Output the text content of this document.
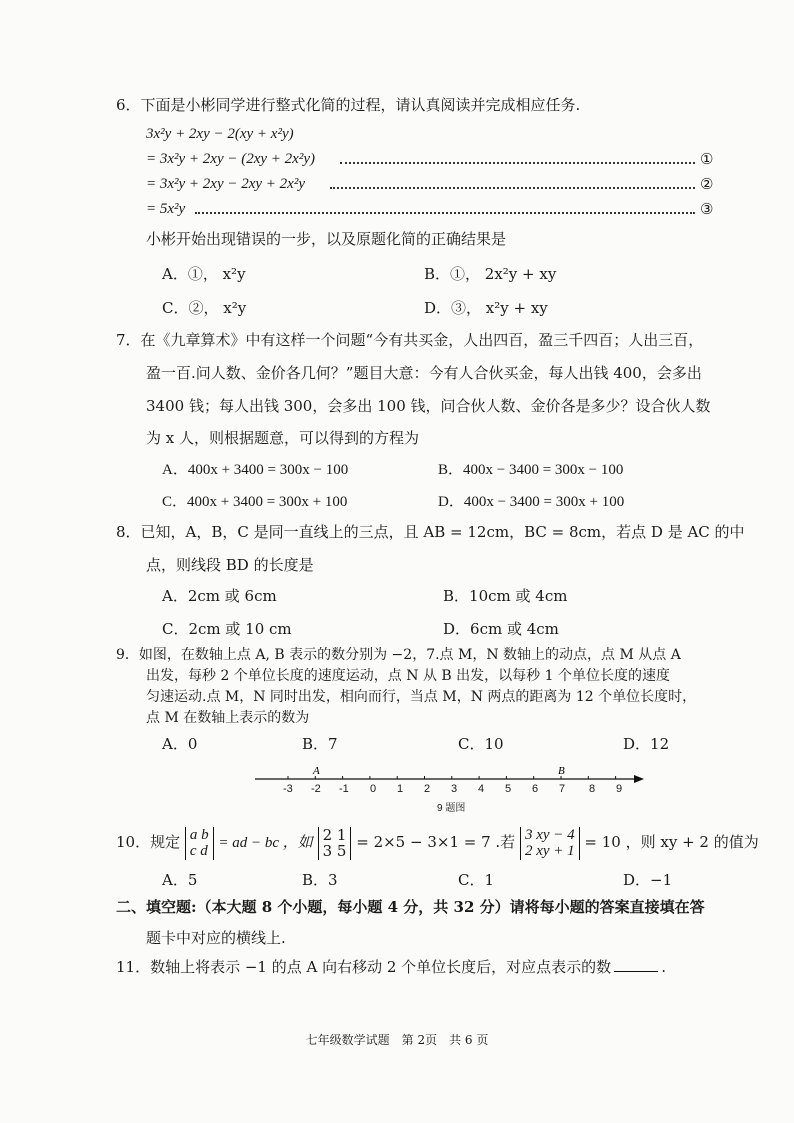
6．下面是小彬同学进行整式化简的过程，请认真阅读并完成相应任务.
3x²y + 2xy − 2(xy + x²y)
= 3x²y + 2xy − (2xy + 2x²y)	①
= 3x²y + 2xy − 2xy + 2x²y	②
= 5x²y	③
小彬开始出现错误的一步，以及原题化简的正确结果是
A．①， x²y	B．①， 2x²y + xy
C．②， x²y	D．③， x²y + xy
7．在《九章算术》中有这样一个问题“今有共买金，人出四百，盈三千四百；人出三百，
盈一百.问人数、金价各几何？”题目大意：今有人合伙买金，每人出钱 400，会多出
3400 钱；每人出钱 300，会多出 100 钱，问合伙人数、金价各是多少？设合伙人数
为 x 人，则根据题意，可以得到的方程为
A．400x + 3400 = 300x − 100	B．400x − 3400 = 300x − 100
C．400x + 3400 = 300x + 100	D．400x − 3400 = 300x + 100
8．已知，A，B，C 是同一直线上的三点，且 AB = 12cm，BC = 8cm，若点 D 是 AC 的中
点，则线段 BD 的长度是
A．2cm 或 6cm	B．10cm 或 4cm
C．2cm 或 10 cm	D．6cm 或 4cm
9．如图，在数轴上点 A, B 表示的数分别为 −2，7.点 M，N 数轴上的动点，点 M 从点 A
出发，每秒 2 个单位长度的速度运动，点 N 从 B 出发，以每秒 1 个单位长度的速度
匀速运动.点 M，N 同时出发，相向而行，当点 M，N 两点的距离为 12 个单位长度时，
点 M 在数轴上表示的数为
A．0	B．7	C．10	D．12
A	B
-3 -2 -1 0 1 2 3 4 5 6 7 8 9
9 题图
10．规定 a b
c d = ad − bc ，如 2 1
3 5 = 2×5 − 3×1 = 7 .若 3 xy − 4
2 xy + 1 = 10 ，则 xy + 2 的值为
A．5	B．3	C．1	D．−1
二、填空题:（本大题 8 个小题，每小题 4 分，共 32 分）请将每小题的答案直接填在答
题卡中对应的横线上.
11．数轴上将表示 −1 的点 A 向右移动 2 个单位长度后，对应点表示的数	.
七年级数学试题　第 2页　共 6 页
